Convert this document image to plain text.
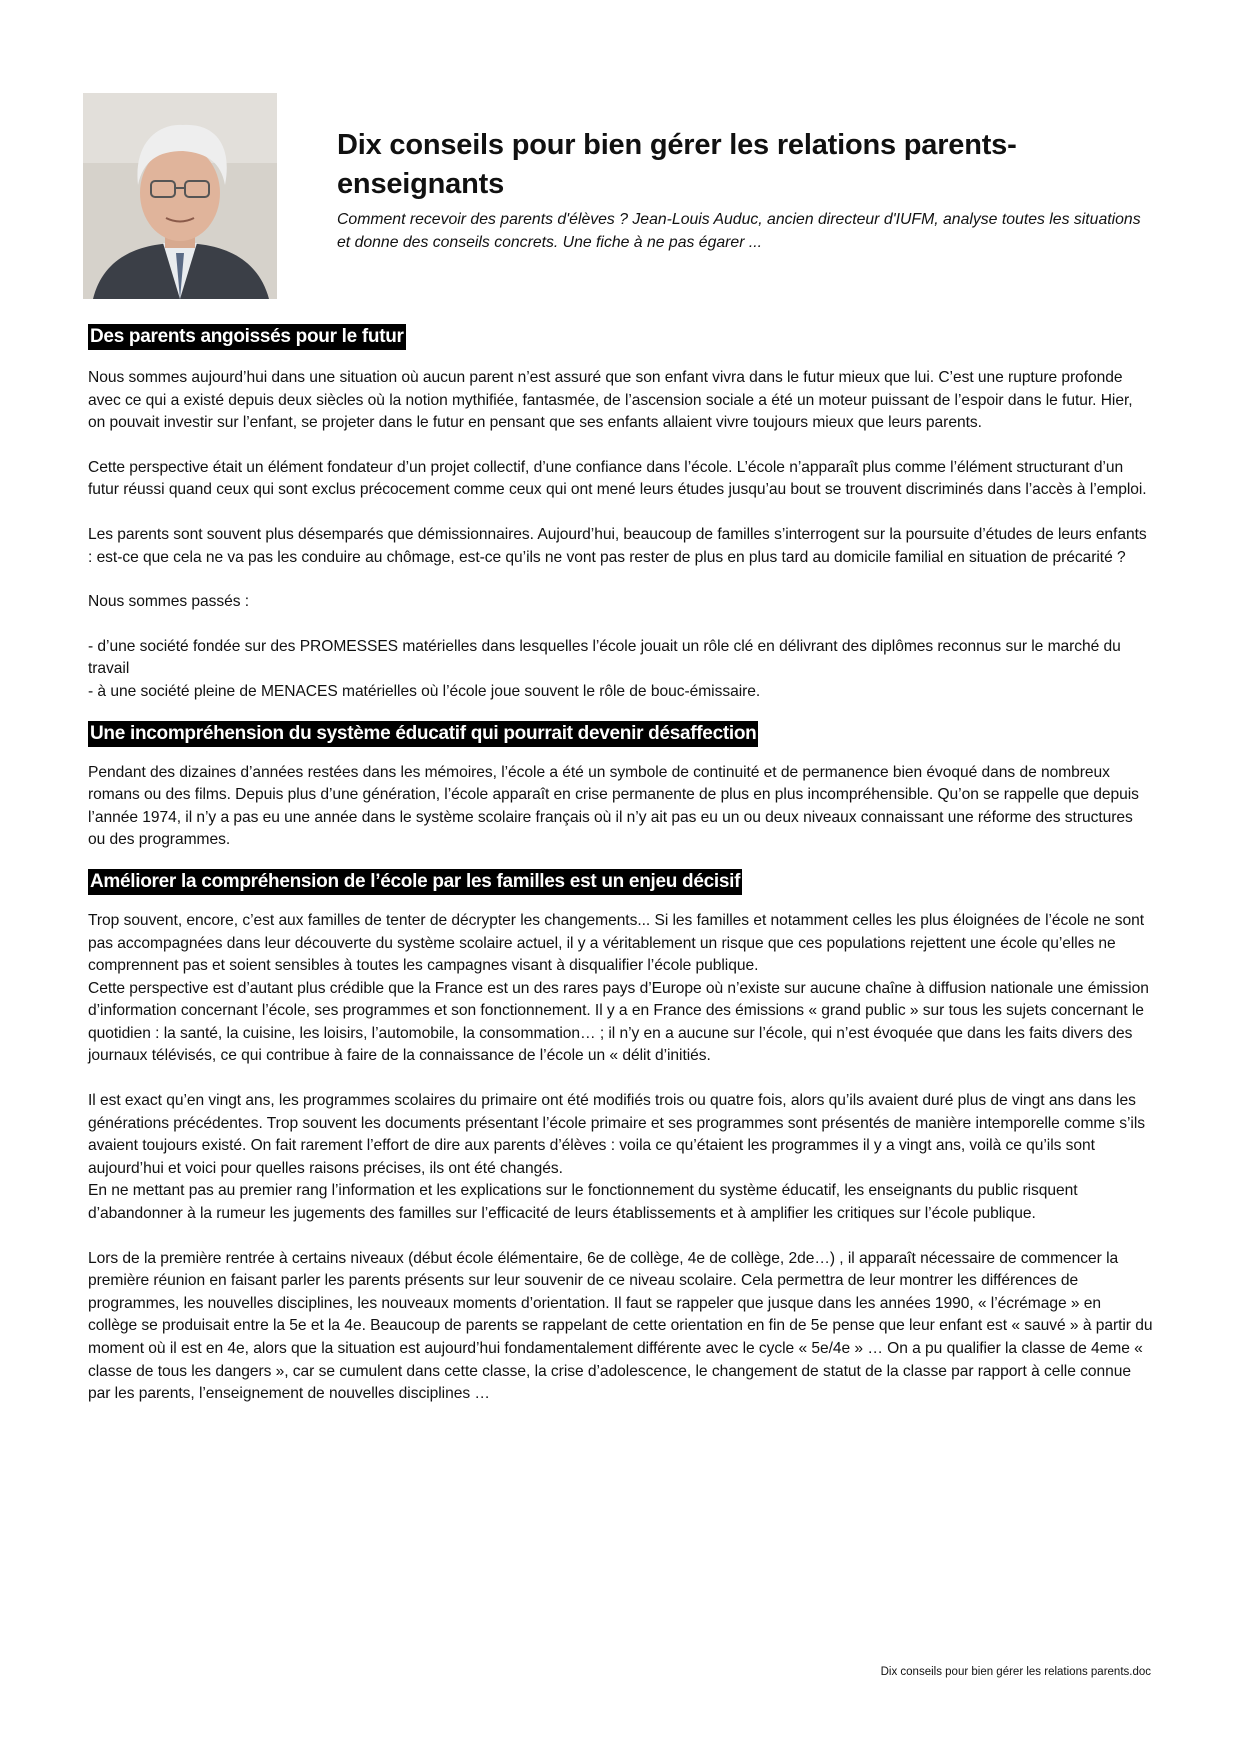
Dix conseils pour bien gérer les relations parents-enseignants
Comment recevoir des parents d'élèves ? Jean-Louis Auduc, ancien directeur d'IUFM, analyse toutes les situations et donne des conseils concrets. Une fiche à ne pas égarer ...
Des parents angoissés pour le futur

Nous sommes aujourd’hui dans une situation où aucun parent n’est assuré que son enfant vivra dans le futur mieux que lui. C’est une rupture profonde avec ce qui a existé depuis deux siècles où la notion mythifiée, fantasmée, de l’ascension sociale a été un moteur puissant de l’espoir dans le futur. Hier, on pouvait investir sur l’enfant, se projeter dans le futur en pensant que ses enfants allaient vivre toujours mieux que leurs parents.

Cette perspective était un élément fondateur d’un projet collectif, d’une confiance dans l’école. L’école n’apparaît plus comme l’élément structurant d’un futur réussi quand ceux qui sont exclus précocement comme ceux qui ont mené leurs études jusqu’au bout se trouvent discriminés dans l’accès à l’emploi.

Les parents sont souvent plus désemparés que démissionnaires. Aujourd’hui, beaucoup de familles s’interrogent sur la poursuite d’études de leurs enfants : est-ce que cela ne va pas les conduire au chômage, est-ce qu’ils ne vont pas rester de plus en plus tard au domicile familial en situation de précarité ?

Nous sommes passés :

- d’une société fondée sur des PROMESSES matérielles dans lesquelles l’école jouait un rôle clé en délivrant des diplômes reconnus sur le marché du travail
- à une société pleine de MENACES matérielles où l’école joue souvent le rôle de bouc-émissaire.

Une incompréhension du système éducatif qui pourrait devenir désaffection

Pendant des dizaines d’années restées dans les mémoires, l’école a été un symbole de continuité et de permanence bien évoqué dans de nombreux romans ou des films. Depuis plus d’une génération, l’école apparaît en crise permanente de plus en plus incompréhensible. Qu’on se rappelle que depuis l’année 1974, il n’y a pas eu une année dans le système scolaire français où il n’y ait pas eu un ou deux niveaux connaissant une réforme des structures ou des programmes.

Améliorer la compréhension de l’école par les familles est un enjeu décisif

Trop souvent, encore, c’est aux familles de tenter de décrypter les changements... Si les familles et notamment celles les plus éloignées de l’école ne sont pas accompagnées dans leur découverte du système scolaire actuel, il y a véritablement un risque que ces populations rejettent une école qu’elles ne comprennent pas et soient sensibles à toutes les campagnes visant à disqualifier l’école publique.
Cette perspective est d’autant plus crédible que la France est un des rares pays d’Europe où n’existe sur aucune chaîne à diffusion nationale une émission d’information concernant l’école, ses programmes et son fonctionnement. Il y a en France des émissions « grand public » sur tous les sujets concernant le quotidien : la santé, la cuisine, les loisirs, l’automobile, la consommation… ; il n’y en a aucune sur l’école, qui n’est évoquée que dans les faits divers des journaux télévisés, ce qui contribue à faire de la connaissance de l’école un « délit d’initiés.

Il est exact qu’en vingt ans, les programmes scolaires du primaire ont été modifiés trois ou quatre fois, alors qu’ils avaient duré plus de vingt ans dans les générations précédentes. Trop souvent les documents présentant l’école primaire et ses programmes sont présentés de manière intemporelle comme s’ils avaient toujours existé. On fait rarement l’effort de dire aux parents d’élèves : voila ce qu’étaient les programmes il y a vingt ans, voilà ce qu’ils sont aujourd’hui et voici pour quelles raisons précises, ils ont été changés.
En ne mettant pas au premier rang l’information et les explications sur le fonctionnement du système éducatif, les enseignants du public risquent d’abandonner à la rumeur les jugements des familles sur l’efficacité de leurs établissements et à amplifier les critiques sur l’école publique.

Lors de la première rentrée à certains niveaux (début école élémentaire, 6e de collège, 4e de collège, 2de…) , il apparaît nécessaire de commencer la première réunion en faisant parler les parents présents sur leur souvenir de ce niveau scolaire. Cela permettra de leur montrer les différences de programmes, les nouvelles disciplines, les nouveaux moments d’orientation. Il faut se rappeler que jusque dans les années 1990, « l’écrémage » en collège se produisait entre la 5e et la 4e. Beaucoup de parents se rappelant de cette orientation en fin de 5e pense que leur enfant est « sauvé » à partir du moment où il est en 4e, alors que la situation est aujourd’hui fondamentalement différente avec le cycle « 5e/4e » … On a pu qualifier la classe de 4eme « classe de tous les dangers », car se cumulent dans cette classe, la crise d’adolescence, le changement de statut de la classe par rapport à celle connue par les parents, l’enseignement de nouvelles disciplines …

Dix conseils pour bien gérer les relations parents.doc
